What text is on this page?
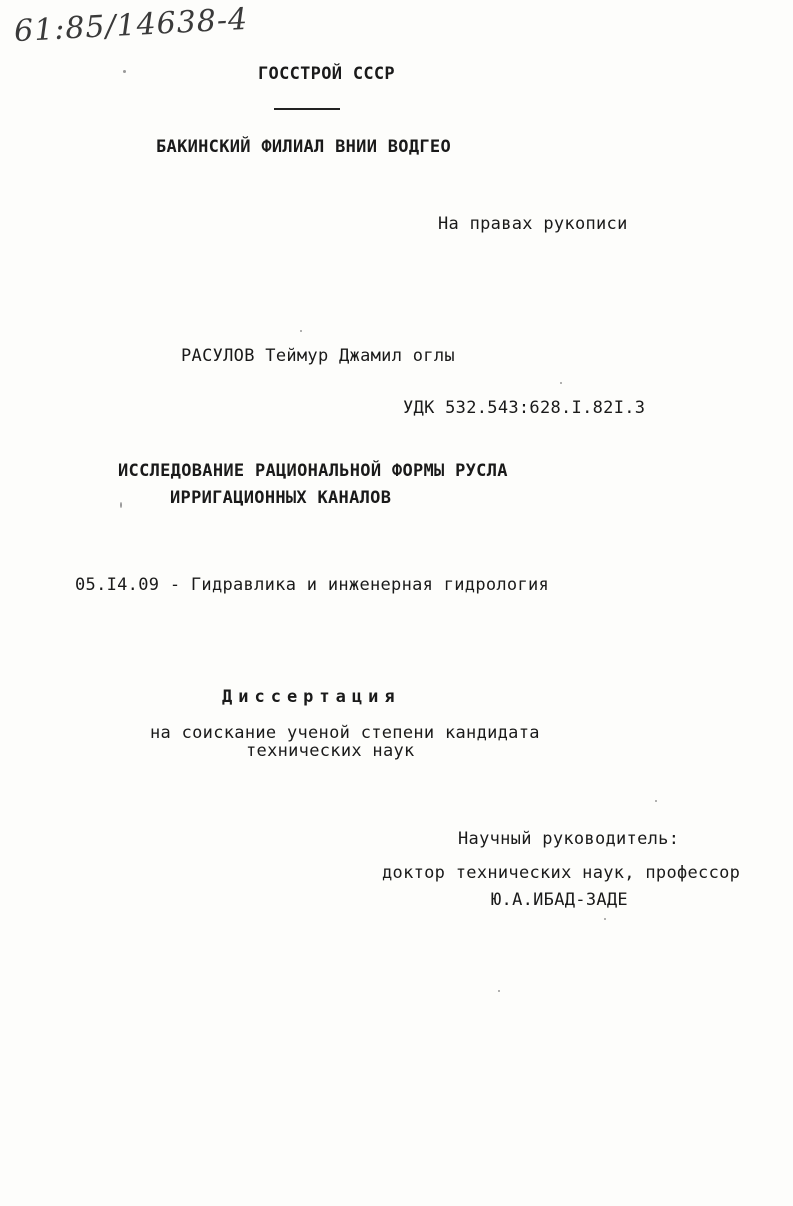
61:85/14638-4
ГОССТРОЙ СССР
БАКИНСКИЙ ФИЛИАЛ ВНИИ ВОДГЕО
На правах рукописи
РАСУЛОВ Теймур Джамил оглы
УДК 532.543:628.I.82I.3
ИССЛЕДОВАНИЕ РАЦИОНАЛЬНОЙ ФОРМЫ РУСЛА
ИРРИГАЦИОННЫХ КАНАЛОВ
05.I4.09 - Гидравлика и инженерная гидрология
Диссертация
на соискание ученой степени кандидата
технических наук
Научный руководитель:
доктор технических наук, профессор
Ю.А.ИБАД-ЗАДЕ
